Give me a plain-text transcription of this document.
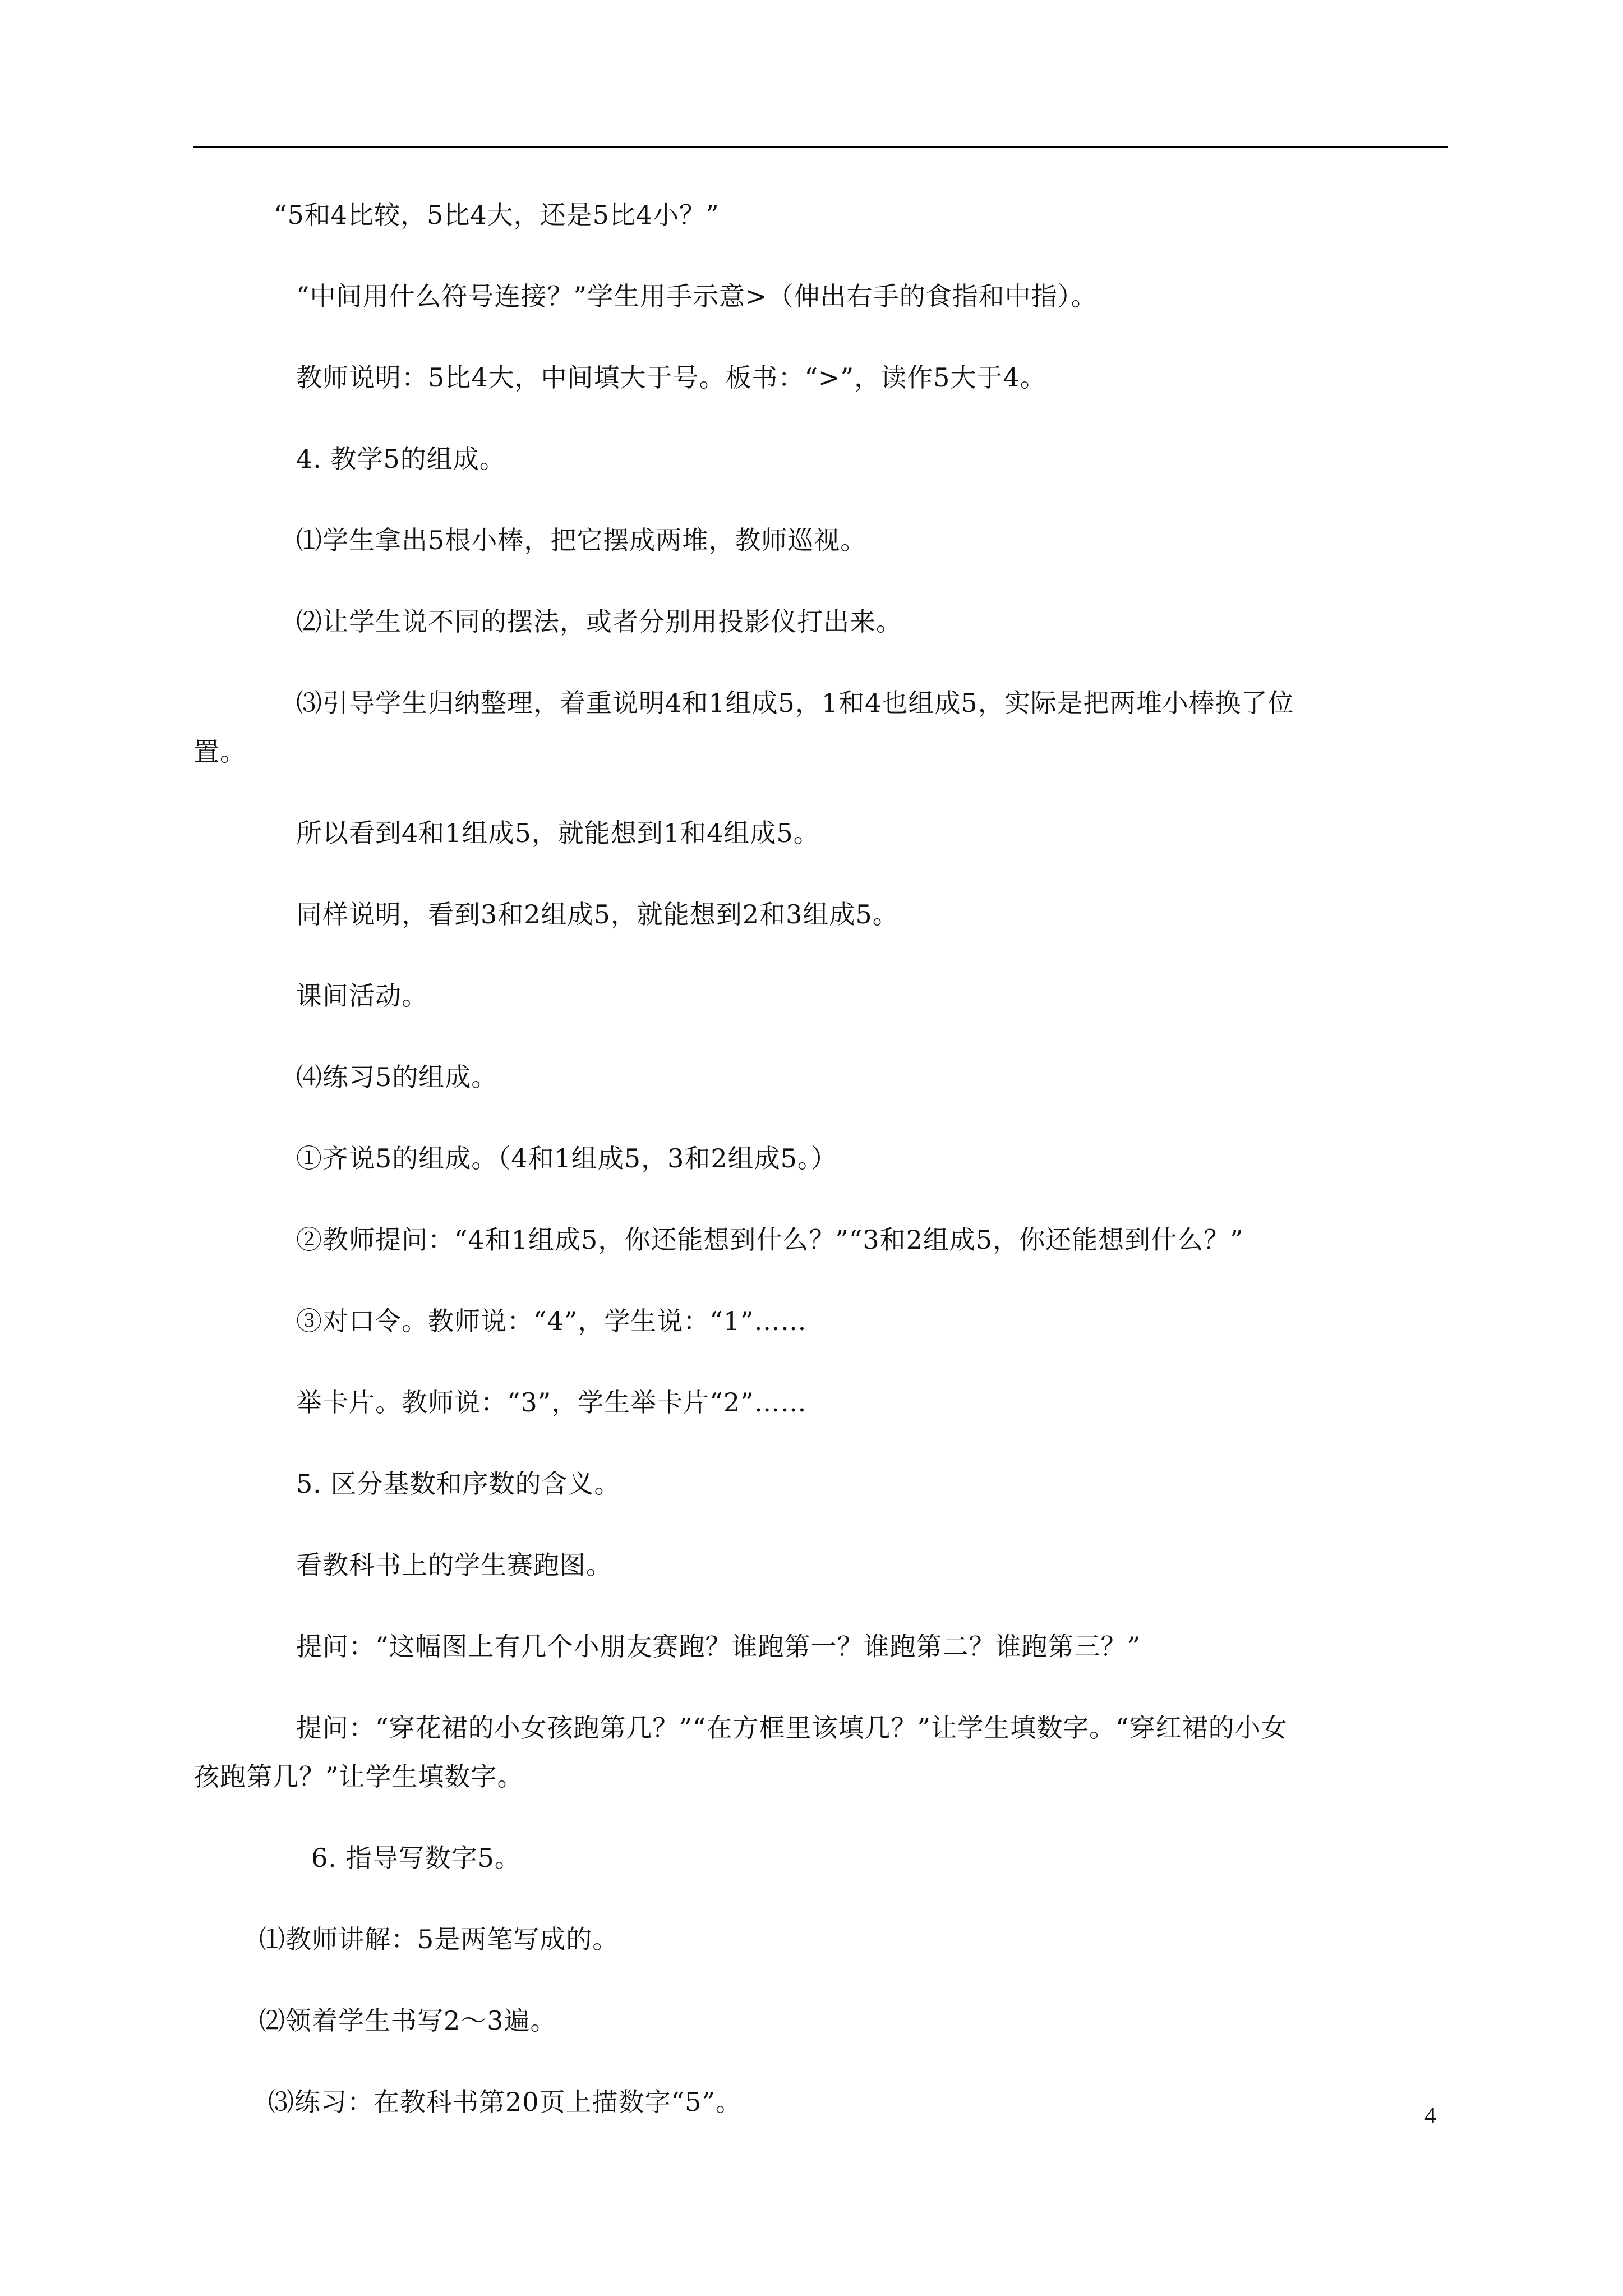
“5和4比较，5比4大，还是5比4小？”
“中间用什么符号连接？”学生用手示意>（伸出右手的食指和中指）。
教师说明：5比4大，中间填大于号。板书：“>”，读作5大于4。
4. 教学5的组成。
⑴学生拿出5根小棒，把它摆成两堆，教师巡视。
⑵让学生说不同的摆法，或者分别用投影仪打出来。
⑶引导学生归纳整理，着重说明4和1组成5，1和4也组成5，实际是把两堆小棒换了位
置。
所以看到4和1组成5，就能想到1和4组成5。
同样说明，看到3和2组成5，就能想到2和3组成5。
课间活动。
⑷练习5的组成。
①齐说5的组成。（4和1组成5，3和2组成5。）
②教师提问：“4和1组成5，你还能想到什么？”“3和2组成5，你还能想到什么？”
③对口令。教师说：“4”，学生说：“1”……
举卡片。教师说：“3”，学生举卡片“2”……
5. 区分基数和序数的含义。
看教科书上的学生赛跑图。
提问：“这幅图上有几个小朋友赛跑？谁跑第一？谁跑第二？谁跑第三？”
提问：“穿花裙的小女孩跑第几？”“在方框里该填几？”让学生填数字。“穿红裙的小女
孩跑第几？”让学生填数字。
6. 指导写数字5。
⑴教师讲解：5是两笔写成的。
⑵领着学生书写2～3遍。
⑶练习：在教科书第20页上描数字“5”。	4
